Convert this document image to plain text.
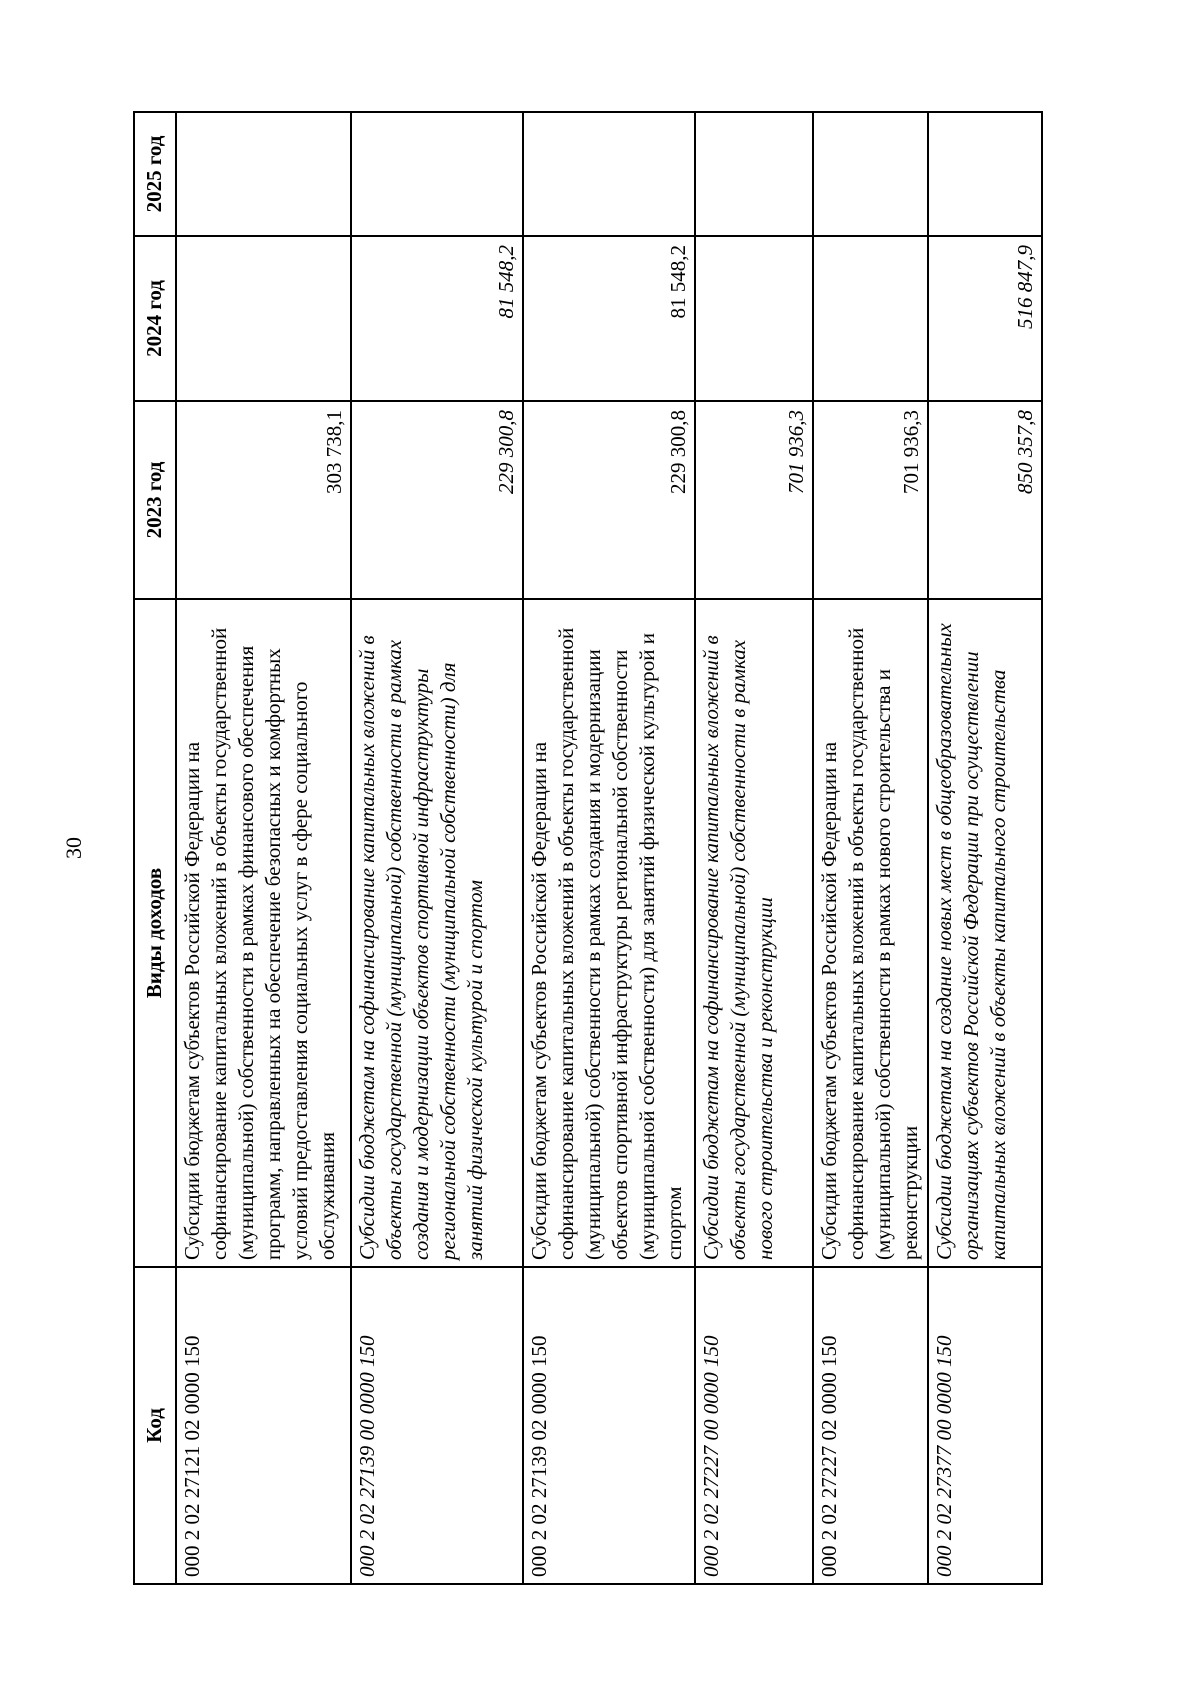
30
Код	Виды доходов	2023 год	2024 год	2025 год
000 2 02 27121 02 0000 150	Субсидии бюджетам субъектов Российской Федерации на софинансирование капитальных вложений в объекты государственной (муниципальной) собственности в рамках финансового обеспечения программ, направленных на обеспечение безопасных и комфортных условий предоставления социальных услуг в сфере социального обслуживания	303 738,1		
000 2 02 27139 00 0000 150	Субсидии бюджетам на софинансирование капитальных вложений в объекты государственной (муниципальной) собственности в рамках создания и модернизации объектов спортивной инфраструктуры региональной собственности (муниципальной собственности) для занятий физической культурой и спортом	229 300,8	81 548,2	
000 2 02 27139 02 0000 150	Субсидии бюджетам субъектов Российской Федерации на софинансирование капитальных вложений в объекты государственной (муниципальной) собственности в рамках создания и модернизации объектов спортивной инфраструктуры региональной собственности (муниципальной собственности) для занятий физической культурой и спортом	229 300,8	81 548,2	
000 2 02 27227 00 0000 150	Субсидии бюджетам на софинансирование капитальных вложений в объекты государственной (муниципальной) собственности в рамках нового строительства и реконструкции	701 936,3		
000 2 02 27227 02 0000 150	Субсидии бюджетам субъектов Российской Федерации на софинансирование капитальных вложений в объекты государственной (муниципальной) собственности в рамках нового строительства и реконструкции	701 936,3		
000 2 02 27377 00 0000 150	Субсидии бюджетам на создание новых мест в общеобразовательных организациях субъектов Российской Федерации при осуществлении капитальных вложений в объекты капитального строительства	850 357,8	516 847,9	
